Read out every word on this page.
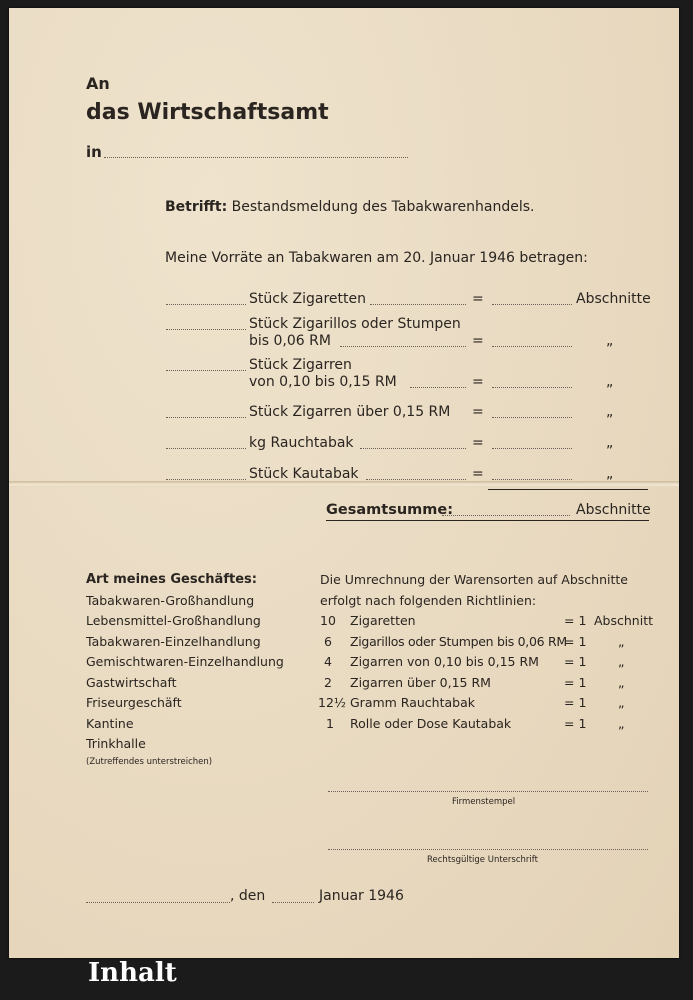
An
das Wirtschaftsamt
in
Betrifft: Bestandsmeldung des Tabakwarenhandels.
Meine Vorräte an Tabakwaren am 20. Januar 1946 betragen:
Stück Zigaretten	=	Abschnitte
Stück Zigarillos oder Stumpen
bis 0,06 RM	=	„
Stück Zigarren
von 0,10 bis 0,15 RM	=	„
Stück Zigarren über 0,15 RM =	„
kg Rauchtabak	=	„
Stück Kautabak	=	„
Gesamtsumme:	Abschnitte
Art meines Geschäftes:
Tabakwaren-Großhandlung
Lebensmittel-Großhandlung
Tabakwaren-Einzelhandlung
Gemischtwaren-Einzelhandlung
Gastwirtschaft
Friseurgeschäft
Kantine
Trinkhalle
(Zutreffendes unterstreichen)
Die Umrechnung der Warensorten auf Abschnitte
erfolgt nach folgenden Richtlinien:
10 Zigaretten	= 1 Abschnitt
6 Zigarillos oder Stumpen bis 0,06 RM
= 1	„
4 Zigarren von 0,10 bis 0,15 RM = 1	„
2 Zigarren über 0,15 RM	= 1	„
12½ Gramm Rauchtabak	= 1	„
1 Rolle oder Dose Kautabak	= 1	„
Firmenstempel
Rechtsgültige Unterschrift
, den	Januar 1946
Inhalt
